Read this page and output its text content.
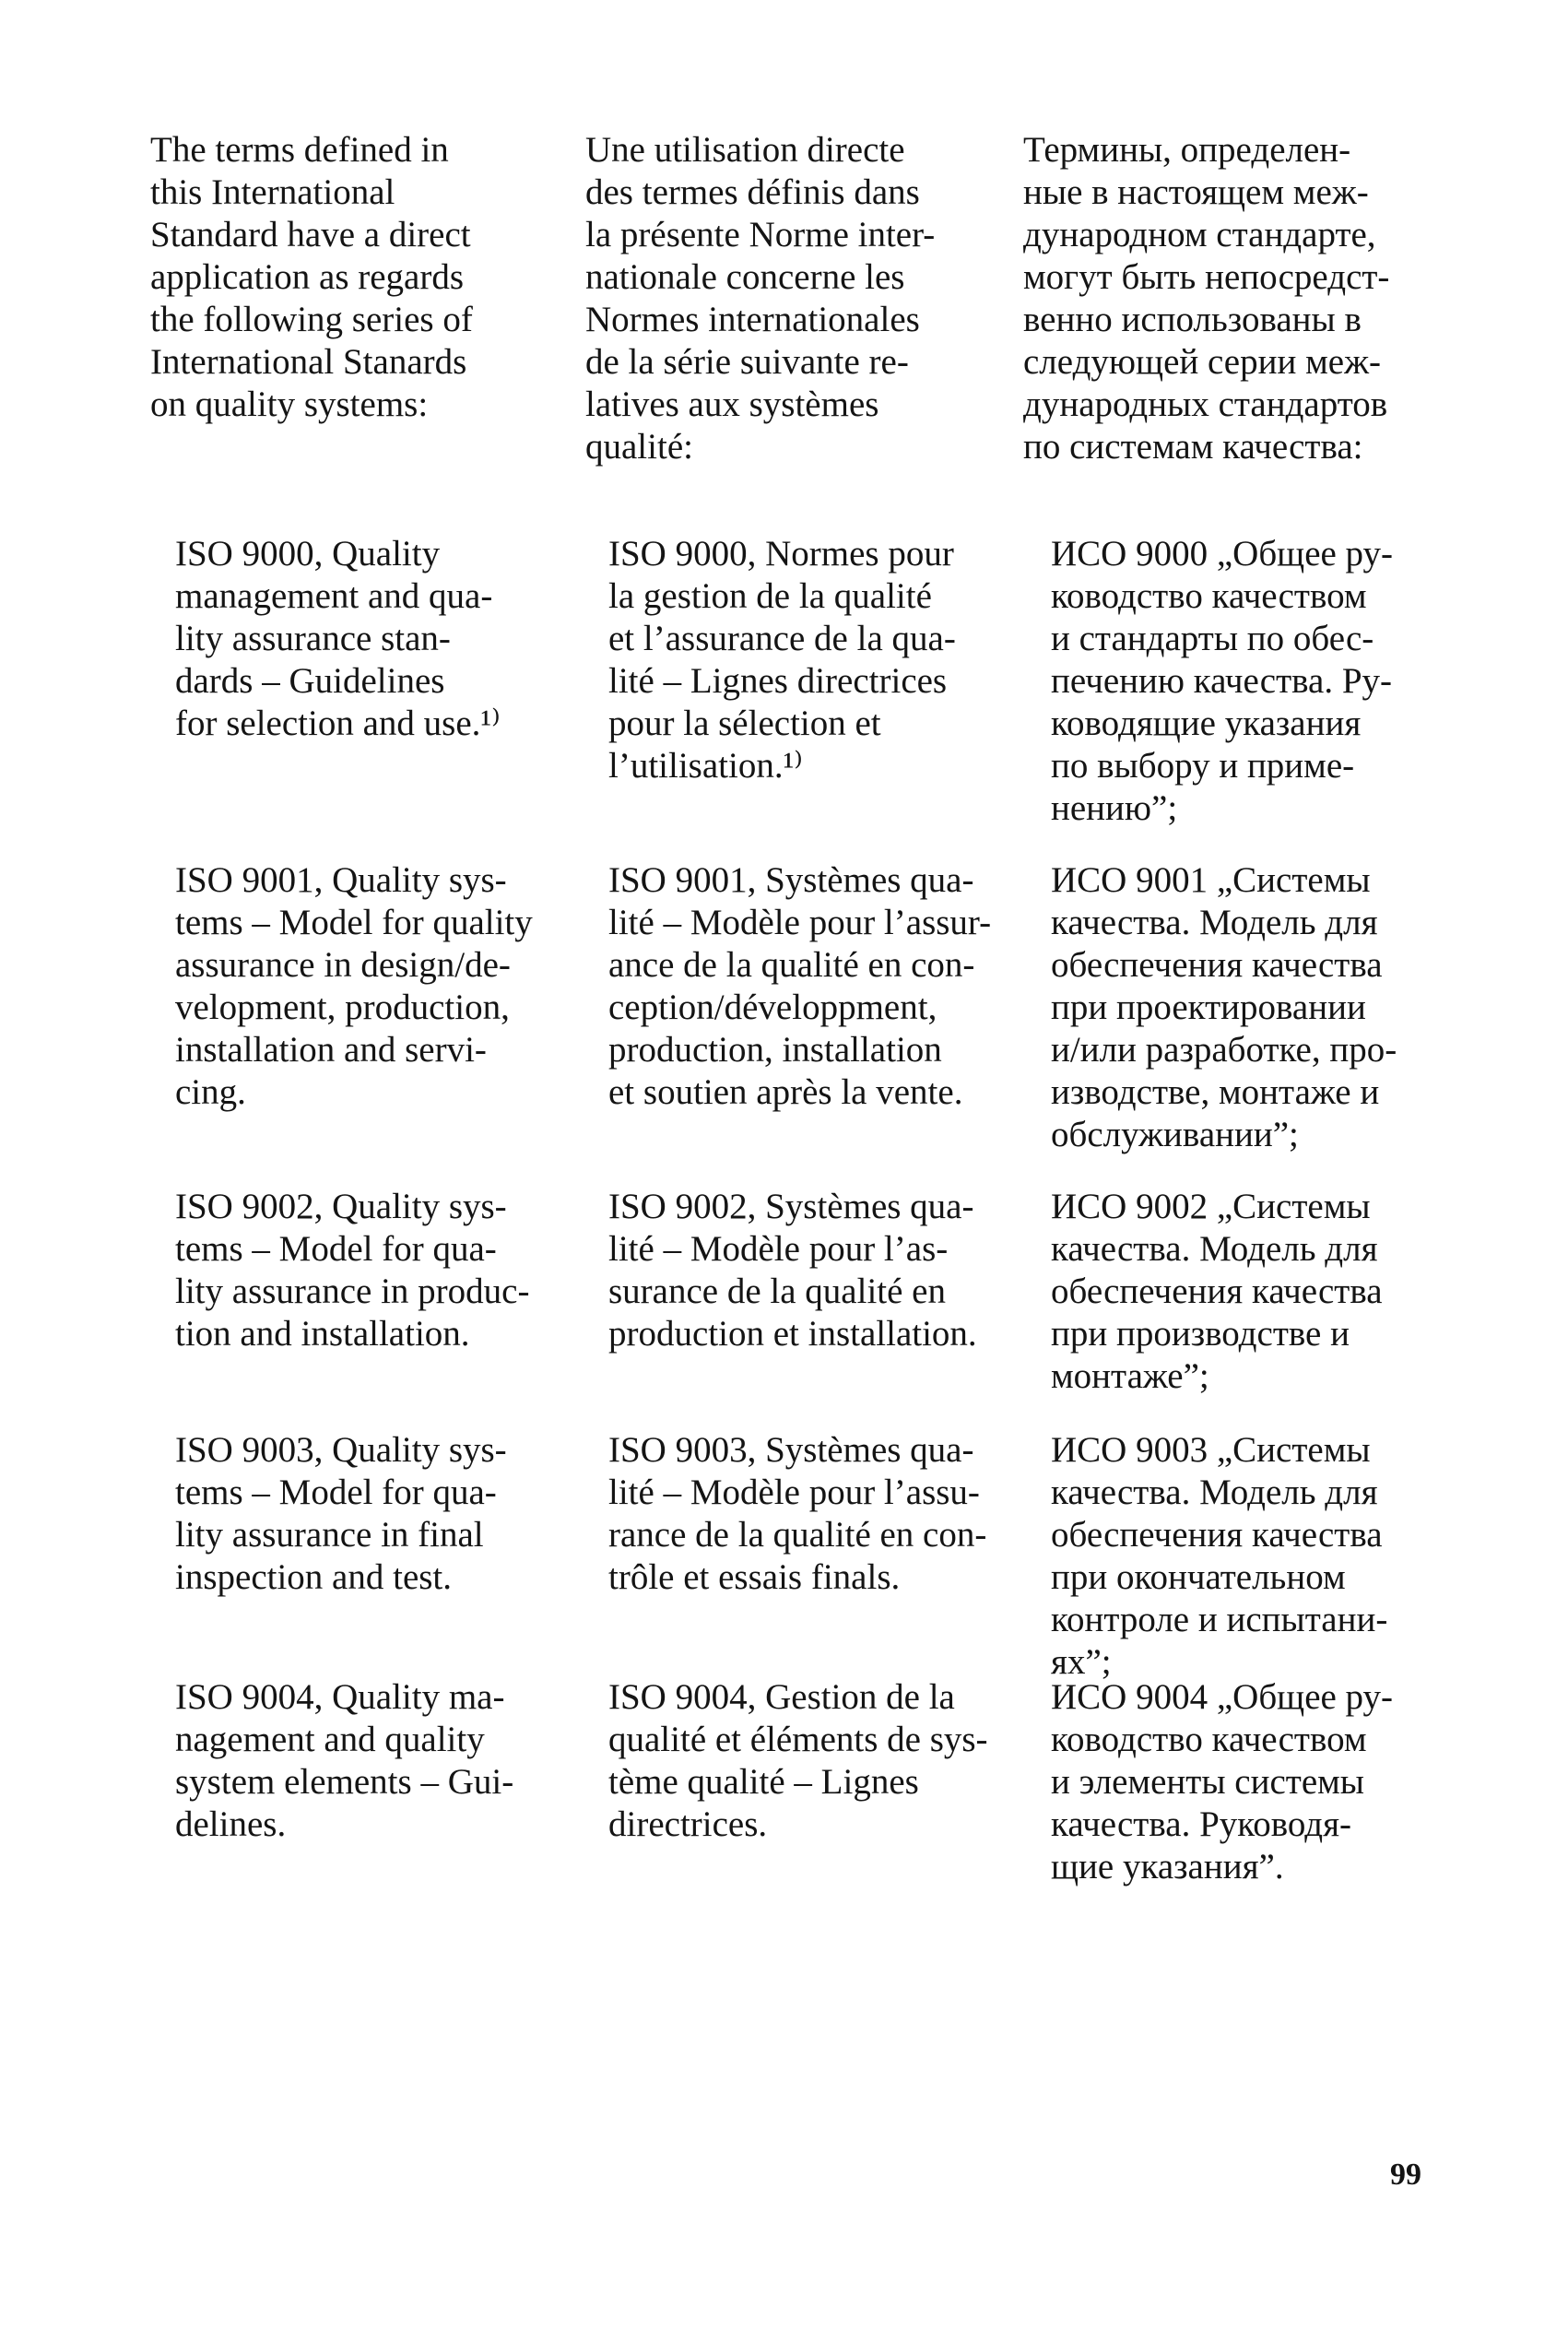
The terms defined in
this International
Standard have a direct
application as regards
the following series of
International Stanards
on quality systems:
Une utilisation directe
des termes définis dans
la présente Norme inter-
nationale concerne les
Normes internationales
de la série suivante re-
latives aux systèmes
qualité:
Термины, определен-
ные в настоящем меж-
дународном стандарте,
могут быть непосредст-
венно использованы в
следующей серии меж-
дународных стандартов
по системам качества:
ISO 9000, Quality
management and qua-
lity assurance stan-
dards – Guidelines
for selection and use.¹⁾
ISO 9000, Normes pour
la gestion de la qualité
et l’assurance de la qua-
lité – Lignes directrices
pour la sélection et
l’utilisation.¹⁾
ИСО 9000 „Общее ру-
ководство качеством
и стандарты по обес-
печению качества. Ру-
ководящие указания
по выбору и приме-
нению”;
ISO 9001, Quality sys-
tems – Model for quality
assurance in design/de-
velopment, production,
installation and servi-
cing.
ISO 9001, Systèmes qua-
lité – Modèle pour l’assur-
ance de la qualité en con-
ception/développment,
production, installation
et soutien après la vente.
ИСО 9001 „Системы
качества. Модель для
обеспечения качества
при проектировании
и/или разработке, про-
изводстве, монтаже и
обслуживании”;
ISO 9002, Quality sys-
tems – Model for qua-
lity assurance in produc-
tion and installation.
ISO 9002, Systèmes qua-
lité – Modèle pour l’as-
surance de la qualité en
production et installation.
ИСО 9002 „Системы
качества. Модель для
обеспечения качества
при производстве и
монтаже”;
ISO 9003, Quality sys-
tems – Model for qua-
lity assurance in final
inspection and test.
ISO 9003, Systèmes qua-
lité – Modèle pour l’assu-
rance de la qualité en con-
trôle et essais finals.
ИСО 9003 „Системы
качества. Модель для
обеспечения качества
при окончательном
контроле и испытани-
ях”;
ISO 9004, Quality ma-
nagement and quality
system elements – Gui-
delines.
ISO 9004, Gestion de la
qualité et éléments de sys-
tème qualité – Lignes
directrices.
ИСО 9004 „Общее ру-
ководство качеством
и элементы системы
качества. Руководя-
щие указания”.
99
